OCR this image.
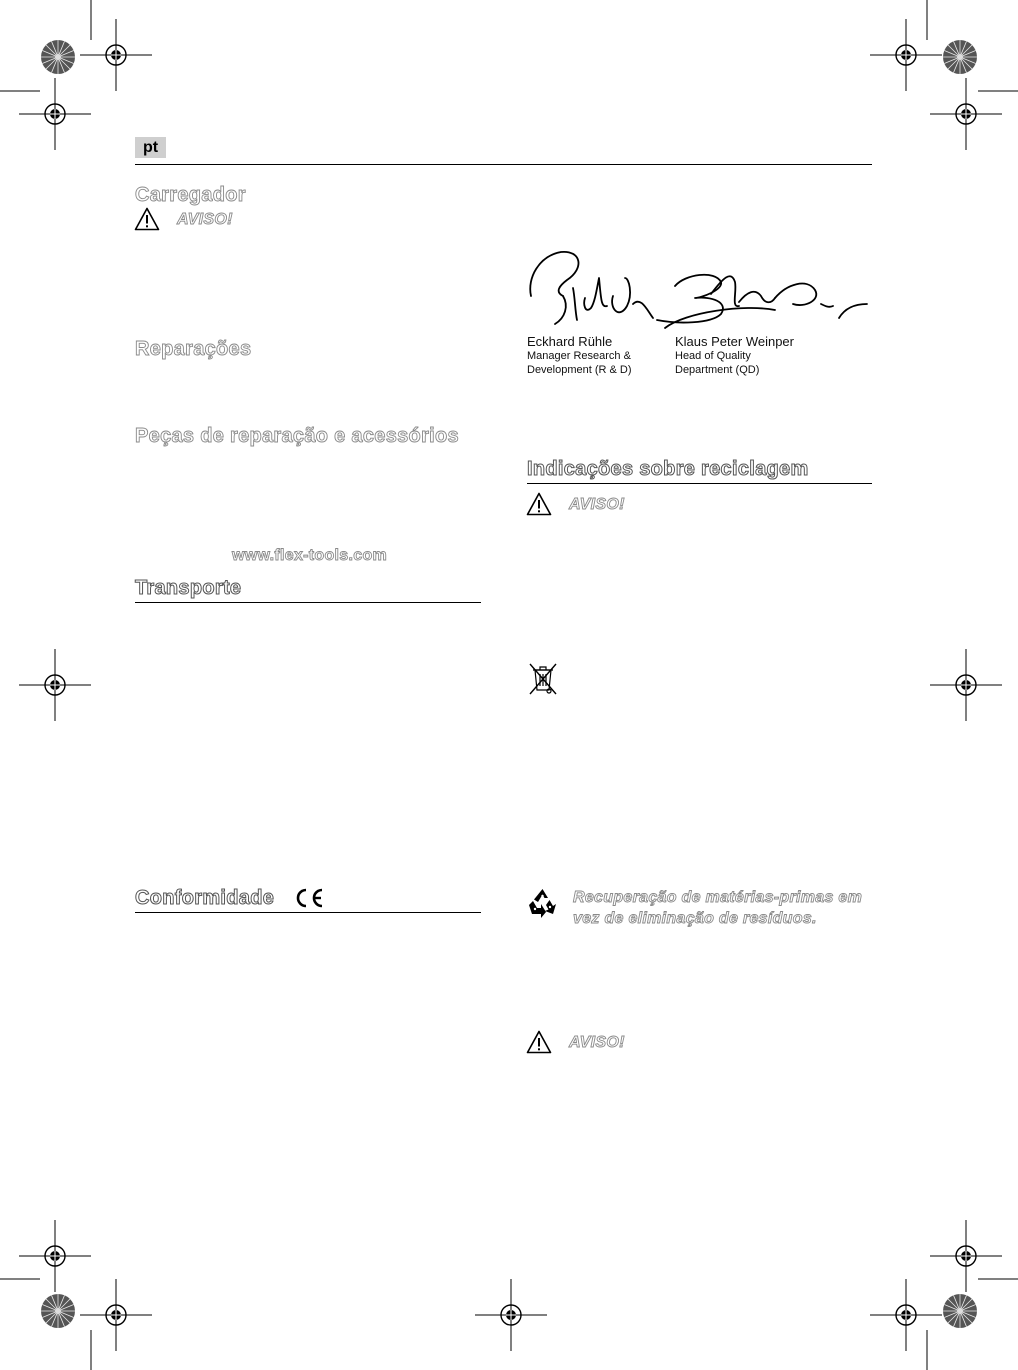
pt
Carregador
AVISO!
Reparações
Peças de reparação e acessórios
www.flex-tools.com
Transporte
Conformidade	CE
Eckhard Rühle
Manager Research &
Development (R & D)
Klaus Peter Weinper
Head of Quality
Department (QD)
Indicações sobre reciclagem
AVISO!
Recuperação de matérias-primas em
vez de eliminação de resíduos.
AVISO!
